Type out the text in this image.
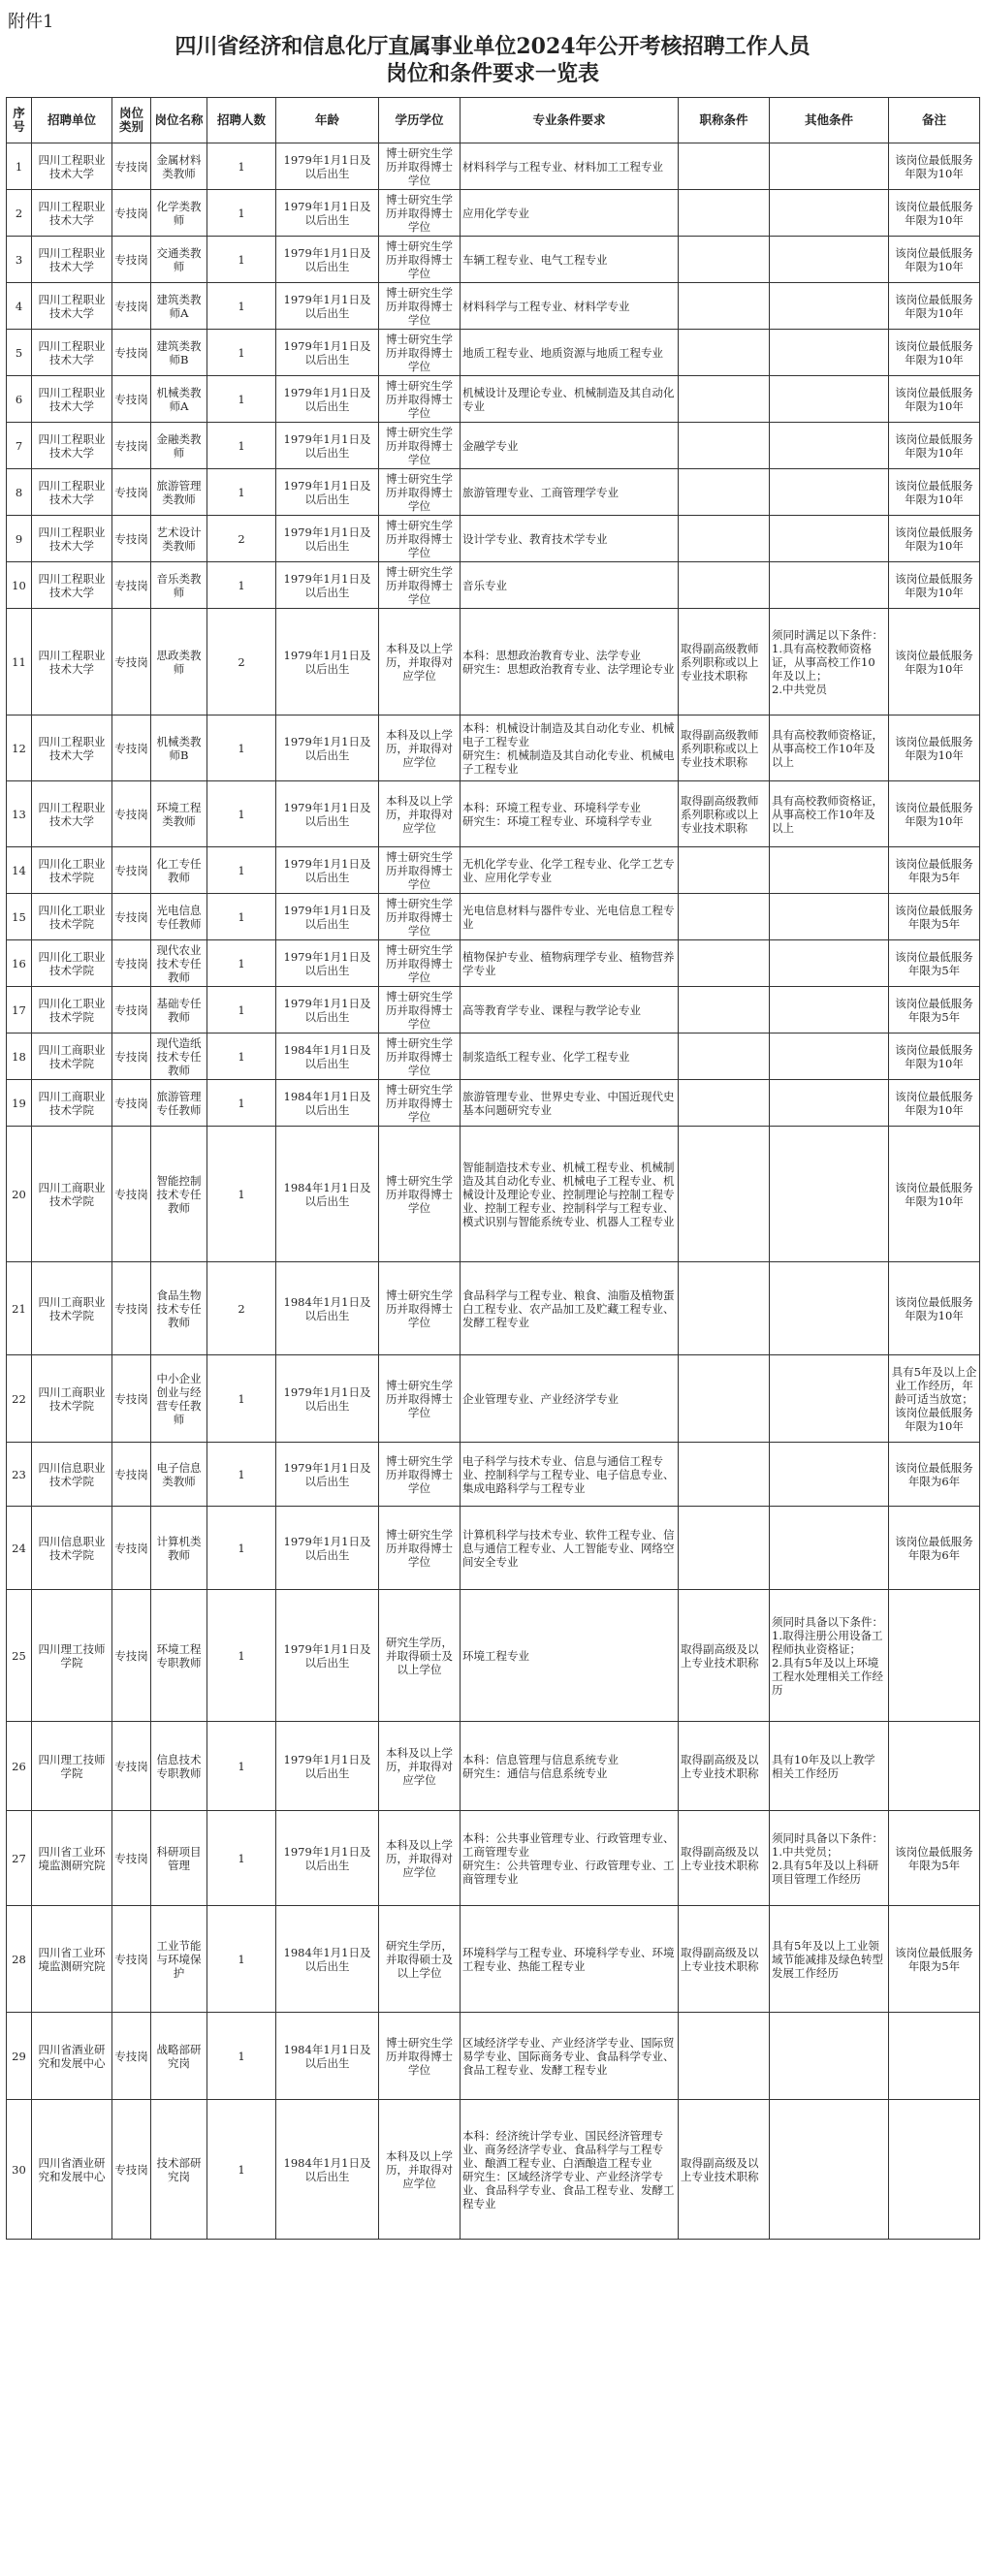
附件1
四川省经济和信息化厅直属事业单位2024年公开考核招聘工作人员
岗位和条件要求一览表
序号	招聘单位	岗位类别	岗位名称	招聘人数	年龄	学历学位	专业条件要求	职称条件	其他条件	备注
1	四川工程职业技术大学	专技岗	金属材料类教师	1	1979年1月1日及以后出生	博士研究生学历并取得博士学位	材料科学与工程专业、材料加工工程专业			该岗位最低服务年限为10年
2	四川工程职业技术大学	专技岗	化学类教师	1	1979年1月1日及以后出生	博士研究生学历并取得博士学位	应用化学专业			该岗位最低服务年限为10年
3	四川工程职业技术大学	专技岗	交通类教师	1	1979年1月1日及以后出生	博士研究生学历并取得博士学位	车辆工程专业、电气工程专业			该岗位最低服务年限为10年
4	四川工程职业技术大学	专技岗	建筑类教师A	1	1979年1月1日及以后出生	博士研究生学历并取得博士学位	材料科学与工程专业、材料学专业			该岗位最低服务年限为10年
5	四川工程职业技术大学	专技岗	建筑类教师B	1	1979年1月1日及以后出生	博士研究生学历并取得博士学位	地质工程专业、地质资源与地质工程专业			该岗位最低服务年限为10年
6	四川工程职业技术大学	专技岗	机械类教师A	1	1979年1月1日及以后出生	博士研究生学历并取得博士学位	机械设计及理论专业、机械制造及其自动化专业			该岗位最低服务年限为10年
7	四川工程职业技术大学	专技岗	金融类教师	1	1979年1月1日及以后出生	博士研究生学历并取得博士学位	金融学专业			该岗位最低服务年限为10年
8	四川工程职业技术大学	专技岗	旅游管理类教师	1	1979年1月1日及以后出生	博士研究生学历并取得博士学位	旅游管理专业、工商管理学专业			该岗位最低服务年限为10年
9	四川工程职业技术大学	专技岗	艺术设计类教师	2	1979年1月1日及以后出生	博士研究生学历并取得博士学位	设计学专业、教育技术学专业			该岗位最低服务年限为10年
10	四川工程职业技术大学	专技岗	音乐类教师	1	1979年1月1日及以后出生	博士研究生学历并取得博士学位	音乐专业			该岗位最低服务年限为10年
11	四川工程职业技术大学	专技岗	思政类教师	2	1979年1月1日及以后出生	本科及以上学历，并取得对应学位	本科：思想政治教育专业、法学专业
研究生：思想政治教育专业、法学理论专业	取得副高级教师系列职称或以上专业技术职称	须同时满足以下条件：
1.具有高校教师资格证，从事高校工作10年及以上；
2.中共党员	该岗位最低服务年限为10年
12	四川工程职业技术大学	专技岗	机械类教师B	1	1979年1月1日及以后出生	本科及以上学历，并取得对应学位	本科：机械设计制造及其自动化专业、机械电子工程专业
研究生：机械制造及其自动化专业、机械电子工程专业	取得副高级教师系列职称或以上专业技术职称	具有高校教师资格证，从事高校工作10年及以上	该岗位最低服务年限为10年
13	四川工程职业技术大学	专技岗	环境工程类教师	1	1979年1月1日及以后出生	本科及以上学历，并取得对应学位	本科：环境工程专业、环境科学专业
研究生：环境工程专业、环境科学专业	取得副高级教师系列职称或以上专业技术职称	具有高校教师资格证，从事高校工作10年及以上	该岗位最低服务年限为10年
14	四川化工职业技术学院	专技岗	化工专任教师	1	1979年1月1日及以后出生	博士研究生学历并取得博士学位	无机化学专业、化学工程专业、化学工艺专业、应用化学专业			该岗位最低服务年限为5年
15	四川化工职业技术学院	专技岗	光电信息专任教师	1	1979年1月1日及以后出生	博士研究生学历并取得博士学位	光电信息材料与器件专业、光电信息工程专业			该岗位最低服务年限为5年
16	四川化工职业技术学院	专技岗	现代农业技术专任教师	1	1979年1月1日及以后出生	博士研究生学历并取得博士学位	植物保护专业、植物病理学专业、植物营养学专业			该岗位最低服务年限为5年
17	四川化工职业技术学院	专技岗	基础专任教师	1	1979年1月1日及以后出生	博士研究生学历并取得博士学位	高等教育学专业、课程与教学论专业			该岗位最低服务年限为5年
18	四川工商职业技术学院	专技岗	现代造纸技术专任教师	1	1984年1月1日及以后出生	博士研究生学历并取得博士学位	制浆造纸工程专业、化学工程专业			该岗位最低服务年限为10年
19	四川工商职业技术学院	专技岗	旅游管理专任教师	1	1984年1月1日及以后出生	博士研究生学历并取得博士学位	旅游管理专业、世界史专业、中国近现代史基本问题研究专业			该岗位最低服务年限为10年
20	四川工商职业技术学院	专技岗	智能控制技术专任教师	1	1984年1月1日及以后出生	博士研究生学历并取得博士学位	智能制造技术专业、机械工程专业、机械制造及其自动化专业、机械电子工程专业、机械设计及理论专业、控制理论与控制工程专业、控制工程专业、控制科学与工程专业、模式识别与智能系统专业、机器人工程专业			该岗位最低服务年限为10年
21	四川工商职业技术学院	专技岗	食品生物技术专任教师	2	1984年1月1日及以后出生	博士研究生学历并取得博士学位	食品科学与工程专业、粮食、油脂及植物蛋白工程专业、农产品加工及贮藏工程专业、发酵工程专业			该岗位最低服务年限为10年
22	四川工商职业技术学院	专技岗	中小企业创业与经营专任教师	1	1979年1月1日及以后出生	博士研究生学历并取得博士学位	企业管理专业、产业经济学专业			具有5年及以上企业工作经历，年龄可适当放宽；该岗位最低服务年限为10年
23	四川信息职业技术学院	专技岗	电子信息类教师	1	1979年1月1日及以后出生	博士研究生学历并取得博士学位	电子科学与技术专业、信息与通信工程专业、控制科学与工程专业、电子信息专业、集成电路科学与工程专业			该岗位最低服务年限为6年
24	四川信息职业技术学院	专技岗	计算机类教师	1	1979年1月1日及以后出生	博士研究生学历并取得博士学位	计算机科学与技术专业、软件工程专业、信息与通信工程专业、人工智能专业、网络空间安全专业			该岗位最低服务年限为6年
25	四川理工技师学院	专技岗	环境工程专职教师	1	1979年1月1日及以后出生	研究生学历，并取得硕士及以上学位	环境工程专业	取得副高级及以上专业技术职称	须同时具备以下条件：
1.取得注册公用设备工程师执业资格证；
2.具有5年及以上环境工程水处理相关工作经历	
26	四川理工技师学院	专技岗	信息技术专职教师	1	1979年1月1日及以后出生	本科及以上学历，并取得对应学位	本科：信息管理与信息系统专业
研究生：通信与信息系统专业	取得副高级及以上专业技术职称	具有10年及以上教学相关工作经历	
27	四川省工业环境监测研究院	专技岗	科研项目管理	1	1979年1月1日及以后出生	本科及以上学历，并取得对应学位	本科：公共事业管理专业、行政管理专业、工商管理专业
研究生：公共管理专业、行政管理专业、工商管理专业	取得副高级及以上专业技术职称	须同时具备以下条件：
1.中共党员；
2.具有5年及以上科研项目管理工作经历	该岗位最低服务年限为5年
28	四川省工业环境监测研究院	专技岗	工业节能与环境保护	1	1984年1月1日及以后出生	研究生学历，并取得硕士及以上学位	环境科学与工程专业、环境科学专业、环境工程专业、热能工程专业	取得副高级及以上专业技术职称	具有5年及以上工业领域节能减排及绿色转型发展工作经历	该岗位最低服务年限为5年
29	四川省酒业研究和发展中心	专技岗	战略部研究岗	1	1984年1月1日及以后出生	博士研究生学历并取得博士学位	区域经济学专业、产业经济学专业、国际贸易学专业、国际商务专业、食品科学专业、食品工程专业、发酵工程专业			
30	四川省酒业研究和发展中心	专技岗	技术部研究岗	1	1984年1月1日及以后出生	本科及以上学历，并取得对应学位	本科：经济统计学专业、国民经济管理专业、商务经济学专业、食品科学与工程专业、酿酒工程专业、白酒酿造工程专业
研究生：区域经济学专业、产业经济学专业、食品科学专业、食品工程专业、发酵工程专业	取得副高级及以上专业技术职称		
